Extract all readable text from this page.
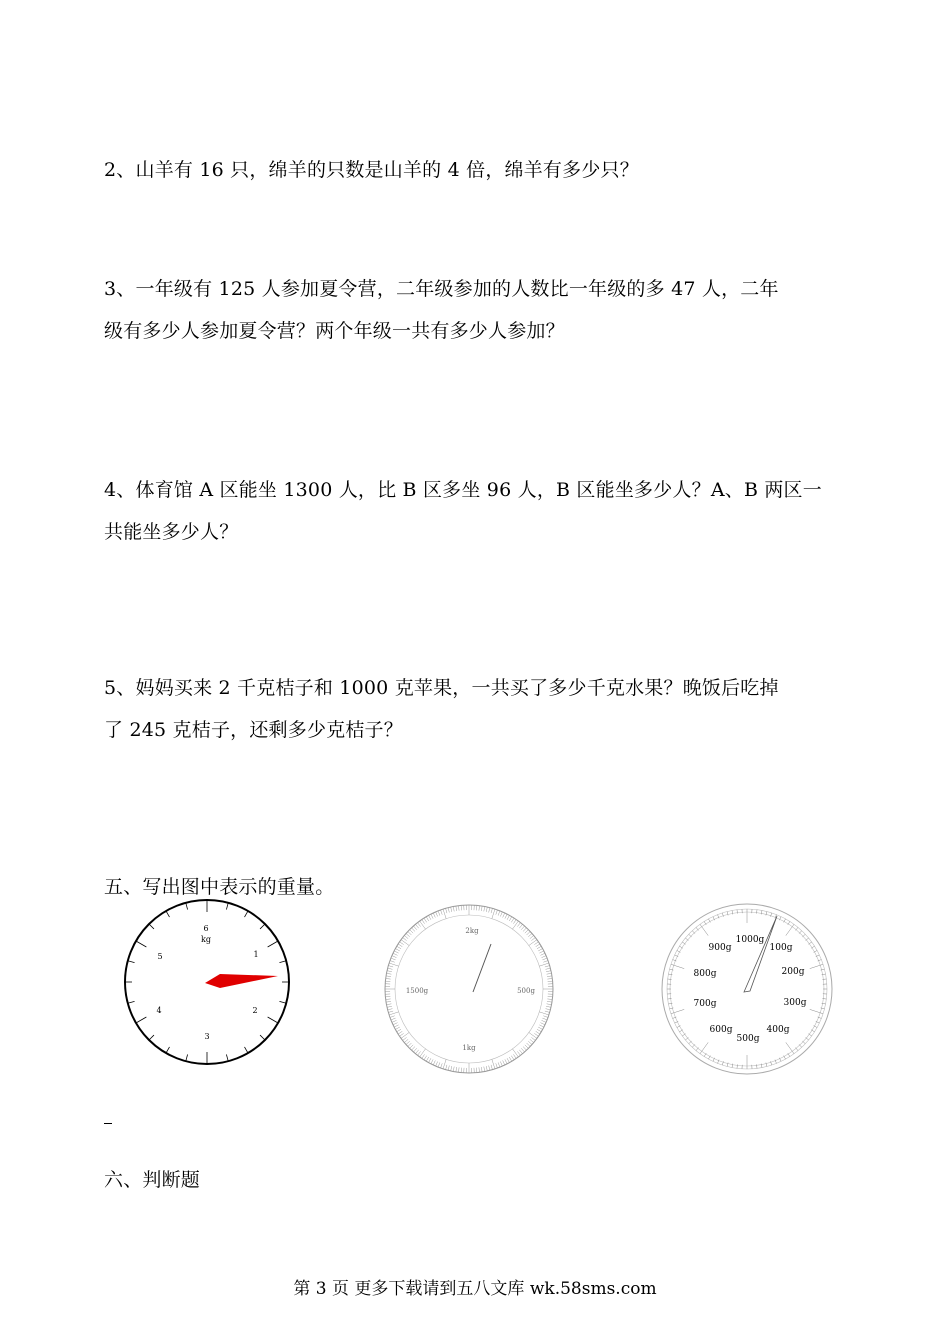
2、山羊有 16 只，绵羊的只数是山羊的 4 倍，绵羊有多少只？

3、一年级有 125 人参加夏令营，二年级参加的人数比一年级的多 47 人，二年

级有多少人参加夏令营？两个年级一共有多少人参加？

4、体育馆 A 区能坐 1300 人，比 B 区多坐 96 人，B 区能坐多少人？A、B 两区一

共能坐多少人？

5、妈妈买来 2 千克桔子和 1000 克苹果，一共买了多少千克水果？晚饭后吃掉

了 245 克桔子，还剩多少克桔子？

五、写出图中表示的重量。

6
kg
1
2
3
4
5
2kg
500g
1kg
1500g
1000g
100g
200g
300g
400g
500g
600g
700g
800g
900g

六、判断题

第 3 页 更多下载请到五八文库 wk.58sms.com
